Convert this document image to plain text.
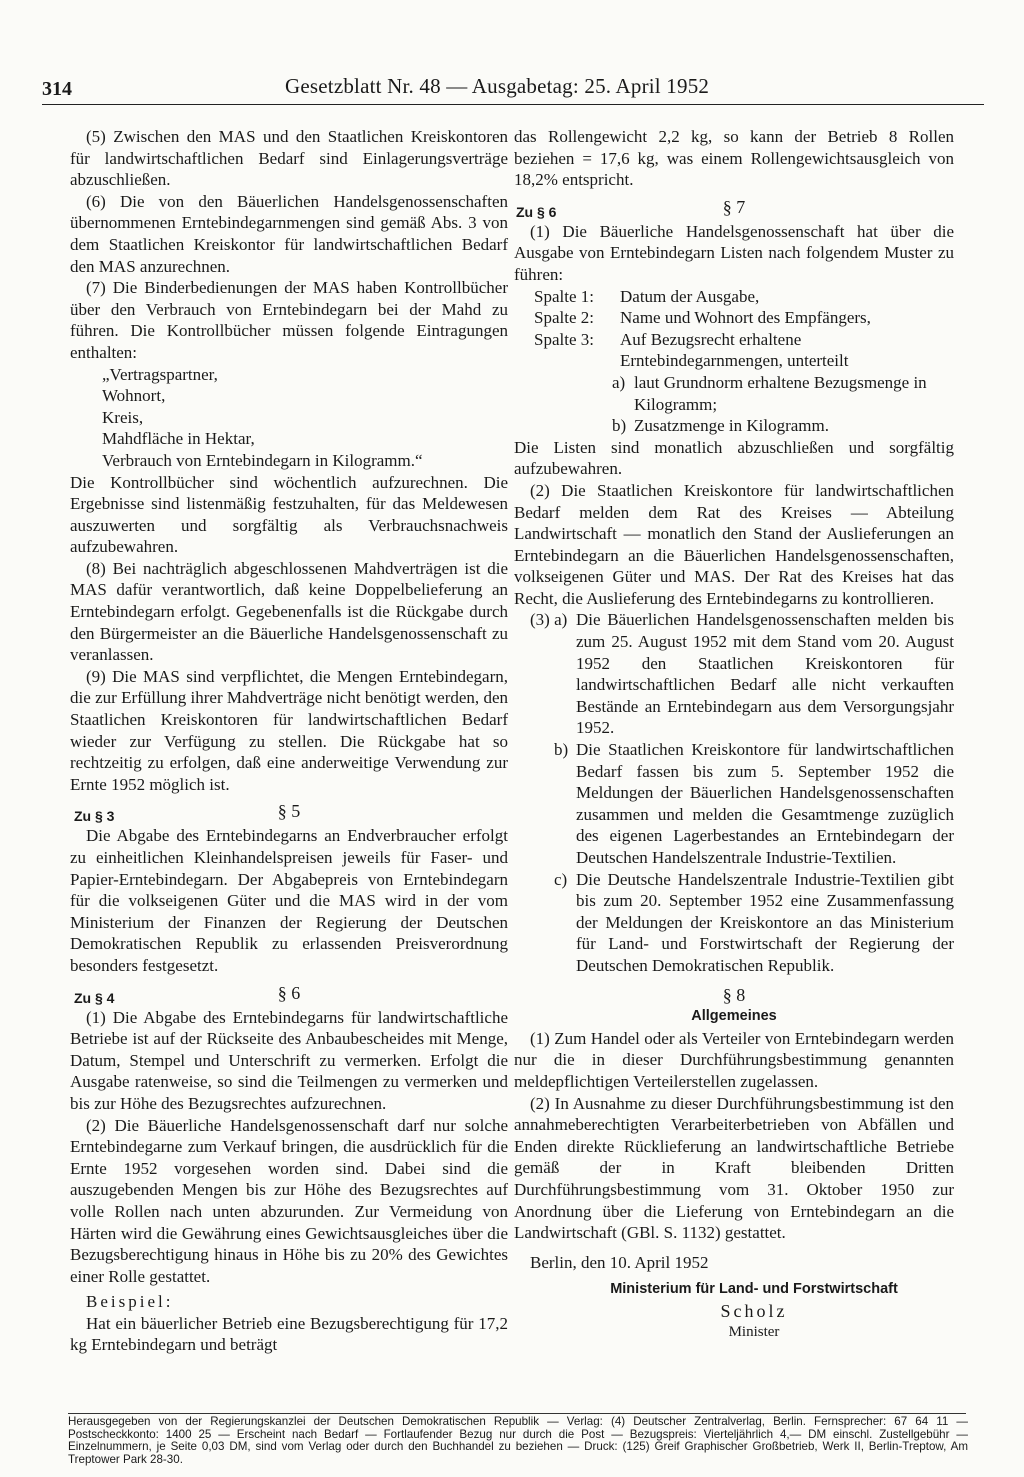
314	Gesetzblatt Nr. 48 — Ausgabetag: 25. April 1952

(5) Zwischen den MAS und den Staatlichen Kreiskontoren für landwirtschaftlichen Bedarf sind Einlagerungsverträge abzuschließen.

(6) Die von den Bäuerlichen Handelsgenossenschaften übernommenen Erntebindegarnmengen sind gemäß Abs. 3 von dem Staatlichen Kreiskontor für landwirtschaftlichen Bedarf den MAS anzurechnen.

(7) Die Binderbedienungen der MAS haben Kontrollbücher über den Verbrauch von Erntebindegarn bei der Mahd zu führen. Die Kontrollbücher müssen folgende Eintragungen enthalten:

„Vertragspartner,
Wohnort,
Kreis,
Mahdfläche in Hektar,
Verbrauch von Erntebindegarn in Kilogramm.“

Die Kontrollbücher sind wöchentlich aufzurechnen. Die Ergebnisse sind listenmäßig festzuhalten, für das Meldewesen auszuwerten und sorgfältig als Verbrauchsnachweis aufzubewahren.

(8) Bei nachträglich abgeschlossenen Mahdverträgen ist die MAS dafür verantwortlich, daß keine Doppelbelieferung an Erntebindegarn erfolgt. Gegebenenfalls ist die Rückgabe durch den Bürgermeister an die Bäuerliche Handelsgenossenschaft zu veranlassen.

(9) Die MAS sind verpflichtet, die Mengen Erntebindegarn, die zur Erfüllung ihrer Mahdverträge nicht benötigt werden, den Staatlichen Kreiskontoren für landwirtschaftlichen Bedarf wieder zur Verfügung zu stellen. Die Rückgabe hat so rechtzeitig zu erfolgen, daß eine anderweitige Verwendung zur Ernte 1952 möglich ist.

Zu § 3	§ 5

Die Abgabe des Erntebindegarns an Endverbraucher erfolgt zu einheitlichen Kleinhandelspreisen jeweils für Faser- und Papier-Erntebindegarn. Der Abgabepreis von Erntebindegarn für die volkseigenen Güter und die MAS wird in der vom Ministerium der Finanzen der Regierung der Deutschen Demokratischen Republik zu erlassenden Preisverordnung besonders festgesetzt.

Zu § 4	§ 6

(1) Die Abgabe des Erntebindegarns für landwirtschaftliche Betriebe ist auf der Rückseite des Anbaubescheides mit Menge, Datum, Stempel und Unterschrift zu vermerken. Erfolgt die Ausgabe ratenweise, so sind die Teilmengen zu vermerken und bis zur Höhe des Bezugsrechtes aufzurechnen.

(2) Die Bäuerliche Handelsgenossenschaft darf nur solche Erntebindegarne zum Verkauf bringen, die ausdrücklich für die Ernte 1952 vorgesehen worden sind. Dabei sind die auszugebenden Mengen bis zur Höhe des Bezugsrechtes auf volle Rollen nach unten abzurunden. Zur Vermeidung von Härten wird die Gewährung eines Gewichtsausgleiches über die Bezugsberechtigung hinaus in Höhe bis zu 20% des Gewichtes einer Rolle gestattet.

Beispiel:

Hat ein bäuerlicher Betrieb eine Bezugsberechtigung für 17,2 kg Erntebindegarn und beträgt

das Rollengewicht 2,2 kg, so kann der Betrieb 8 Rollen beziehen = 17,6 kg, was einem Rollengewichtsausgleich von 18,2% entspricht.

Zu § 6	§ 7

(1) Die Bäuerliche Handelsgenossenschaft hat über die Ausgabe von Erntebindegarn Listen nach folgendem Muster zu führen:

Spalte 1:	Datum der Ausgabe,
Spalte 2:	Name und Wohnort des Empfängers,
Spalte 3:	Auf Bezugsrecht erhaltene Erntebindegarnmengen, unterteilt
a) laut Grundnorm erhaltene Bezugsmenge in Kilogramm;
b) Zusatzmenge in Kilogramm.

Die Listen sind monatlich abzuschließen und sorgfältig aufzubewahren.

(2) Die Staatlichen Kreiskontore für landwirtschaftlichen Bedarf melden dem Rat des Kreises — Abteilung Landwirtschaft — monatlich den Stand der Auslieferungen an Erntebindegarn an die Bäuerlichen Handelsgenossenschaften, volkseigenen Güter und MAS. Der Rat des Kreises hat das Recht, die Auslieferung des Erntebindegarns zu kontrollieren.

(3) a) Die Bäuerlichen Handelsgenossenschaften melden bis zum 25. August 1952 mit dem Stand vom 20. August 1952 den Staatlichen Kreiskontoren für landwirtschaftlichen Bedarf alle nicht verkauften Bestände an Erntebindegarn aus dem Versorgungsjahr 1952.
b) Die Staatlichen Kreiskontore für landwirtschaftlichen Bedarf fassen bis zum 5. September 1952 die Meldungen der Bäuerlichen Handelsgenossenschaften zusammen und melden die Gesamtmenge zuzüglich des eigenen Lagerbestandes an Erntebindegarn der Deutschen Handelszentrale Industrie-Textilien.
c) Die Deutsche Handelszentrale Industrie-Textilien gibt bis zum 20. September 1952 eine Zusammenfassung der Meldungen der Kreiskontore an das Ministerium für Land- und Forstwirtschaft der Regierung der Deutschen Demokratischen Republik.
§ 8
Allgemeines

(1) Zum Handel oder als Verteiler von Erntebindegarn werden nur die in dieser Durchführungsbestimmung genannten meldepflichtigen Verteilerstellen zugelassen.

(2) In Ausnahme zu dieser Durchführungsbestimmung ist den annahmeberechtigten Verarbeiterbetrieben von Abfällen und Enden direkte Rücklieferung an landwirtschaftliche Betriebe gemäß der in Kraft bleibenden Dritten Durchführungsbestimmung vom 31. Oktober 1950 zur Anordnung über die Lieferung von Erntebindegarn an die Landwirtschaft (GBl. S. 1132) gestattet.

Berlin, den 10. April 1952

Ministerium für Land- und Forstwirtschaft
Scholz
Minister
Herausgegeben von der Regierungskanzlei der Deutschen Demokratischen Republik — Verlag: (4) Deutscher Zentralverlag, Berlin. Fernsprecher: 67 64 11 — Postscheckkonto: 1400 25 — Erscheint nach Bedarf — Fortlaufender Bezug nur durch die Post — Bezugspreis: Vierteljährlich 4,— DM einschl. Zustellgebühr — Einzelnummern, je Seite 0,03 DM, sind vom Verlag oder durch den Buchhandel zu beziehen — Druck: (125) Greif Graphischer Großbetrieb, Werk II, Berlin-Treptow, Am Treptower Park 28-30.
